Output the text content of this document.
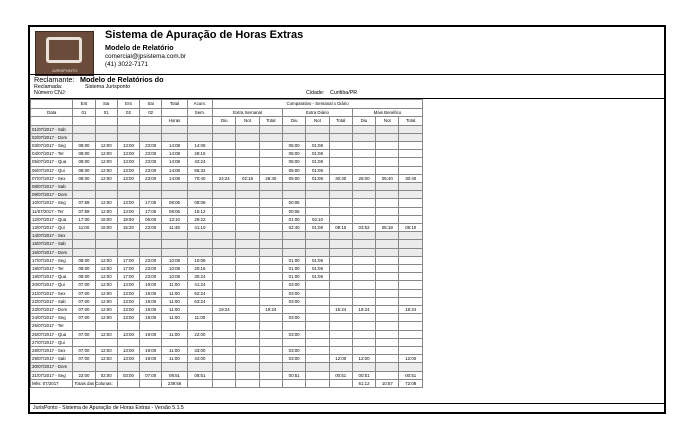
JURISPONTO
Sistema de Apuração de Horas Extras
Modelo de Relatório
comercial@jpsistema.com.br
(41) 3022-7171
Reclamante: Modelo de Relatórios do
Reclamada:	Sistema Jurisponto
Número CNJ:	Cidade: Curitiba/PR
	Ent	Sai	Ent	Sai	Total	Acum.	Comparativo - Semanal x Diário								
Data	01	01	02	02		Sem.	Extra Semanal			Extra Diário			Mais Benéfico		
					Horas		Diu	Not	Total	Diu	Not	Total	Diu	Not	Total
01/07/2017 - Sab															
02/07/2017 - Dom															
03/07/2017 - Seg	08:00	12:00	13:00	23:00	14:08	14:08				05:00	01:08				
04/07/2017 - Ter	08:00	12:00	13:00	23:00	14:08	28:16				05:00	01:08				
05/07/2017 - Qua	08:00	12:00	13:00	23:00	14:08	42:24				05:00	01:08				
06/07/2017 - Qui	08:00	12:00	13:00	23:00	14:08	56:32				05:00	01:08				
07/07/2017 - Sex	08:00	12:00	13:00	23:00	14:08	70:40	24:24	02:16	26:40	05:00	01:08	30:40	25:00	05:40	30:40
08/07/2017 - Sab															
09/07/2017 - Dom															
10/07/2017 - Seg	07:59	12:00	13:00	17:05	08:06	08:06				00:06					
11/07/2017 - Ter	07:59	12:00	13:00	17:05	08:06	16:12				00:06					
12/07/2017 - Qua	17:00	15:00	19:50	06:00	13:10	29:22				01:00	04:10				
13/07/2017 - Qui	11:00	15:00	15:20	23:00	11:48	41:10				02:40	01:08	09:10	03:52	05:18	09:10
14/07/2017 - Sex															
15/07/2017 - Sab															
16/07/2017 - Dom															
17/07/2017 - Seg	08:00	12:00	17:00	23:00	10:08	10:08				01:00	01:08				
18/07/2017 - Ter	08:00	12:00	17:00	23:00	10:08	20:16				01:00	01:08				
19/07/2017 - Qua	08:00	12:00	17:00	23:00	10:08	30:24				01:00	01:08				
20/07/2017 - Qui	07:00	12:00	13:00	19:00	11:00	41:24				03:00					
21/07/2017 - Sex	07:00	12:00	13:00	19:00	11:00	52:24				03:00					
22/07/2017 - Sab	07:00	12:00	13:00	19:00	11:00	63:24				03:00					
23/07/2017 - Dom	07:00	12:00	13:00	19:00	11:00		19:24		19:24			15:24	19:24		19:24
24/07/2017 - Seg	07:00	12:00	13:00	19:00	11:00	11:00				03:00					
25/07/2017 - Ter															
26/07/2017 - Qua	07:00	12:00	13:00	19:00	11:00	22:00				03:00					
27/07/2017 - Qui															
28/07/2017 - Sex	07:00	12:00	13:00	19:00	11:00	33:00				03:00					
29/07/2017 - Sab	07:00	12:00	13:00	19:00	11:00	44:00				03:00		12:00	12:00		12:00
30/07/2017 - Dom															
31/07/2017 - Seg	22:00	02:00	03:00	07:00	08:51	08:51				00:51		00:51	00:51		00:51
Mês: 07/2017	Totais das Colunas:				239:56								61:12	10:57	72:08
JurisPonto - Sistema de Apuração de Horas Extras - Versão 5.1.5
